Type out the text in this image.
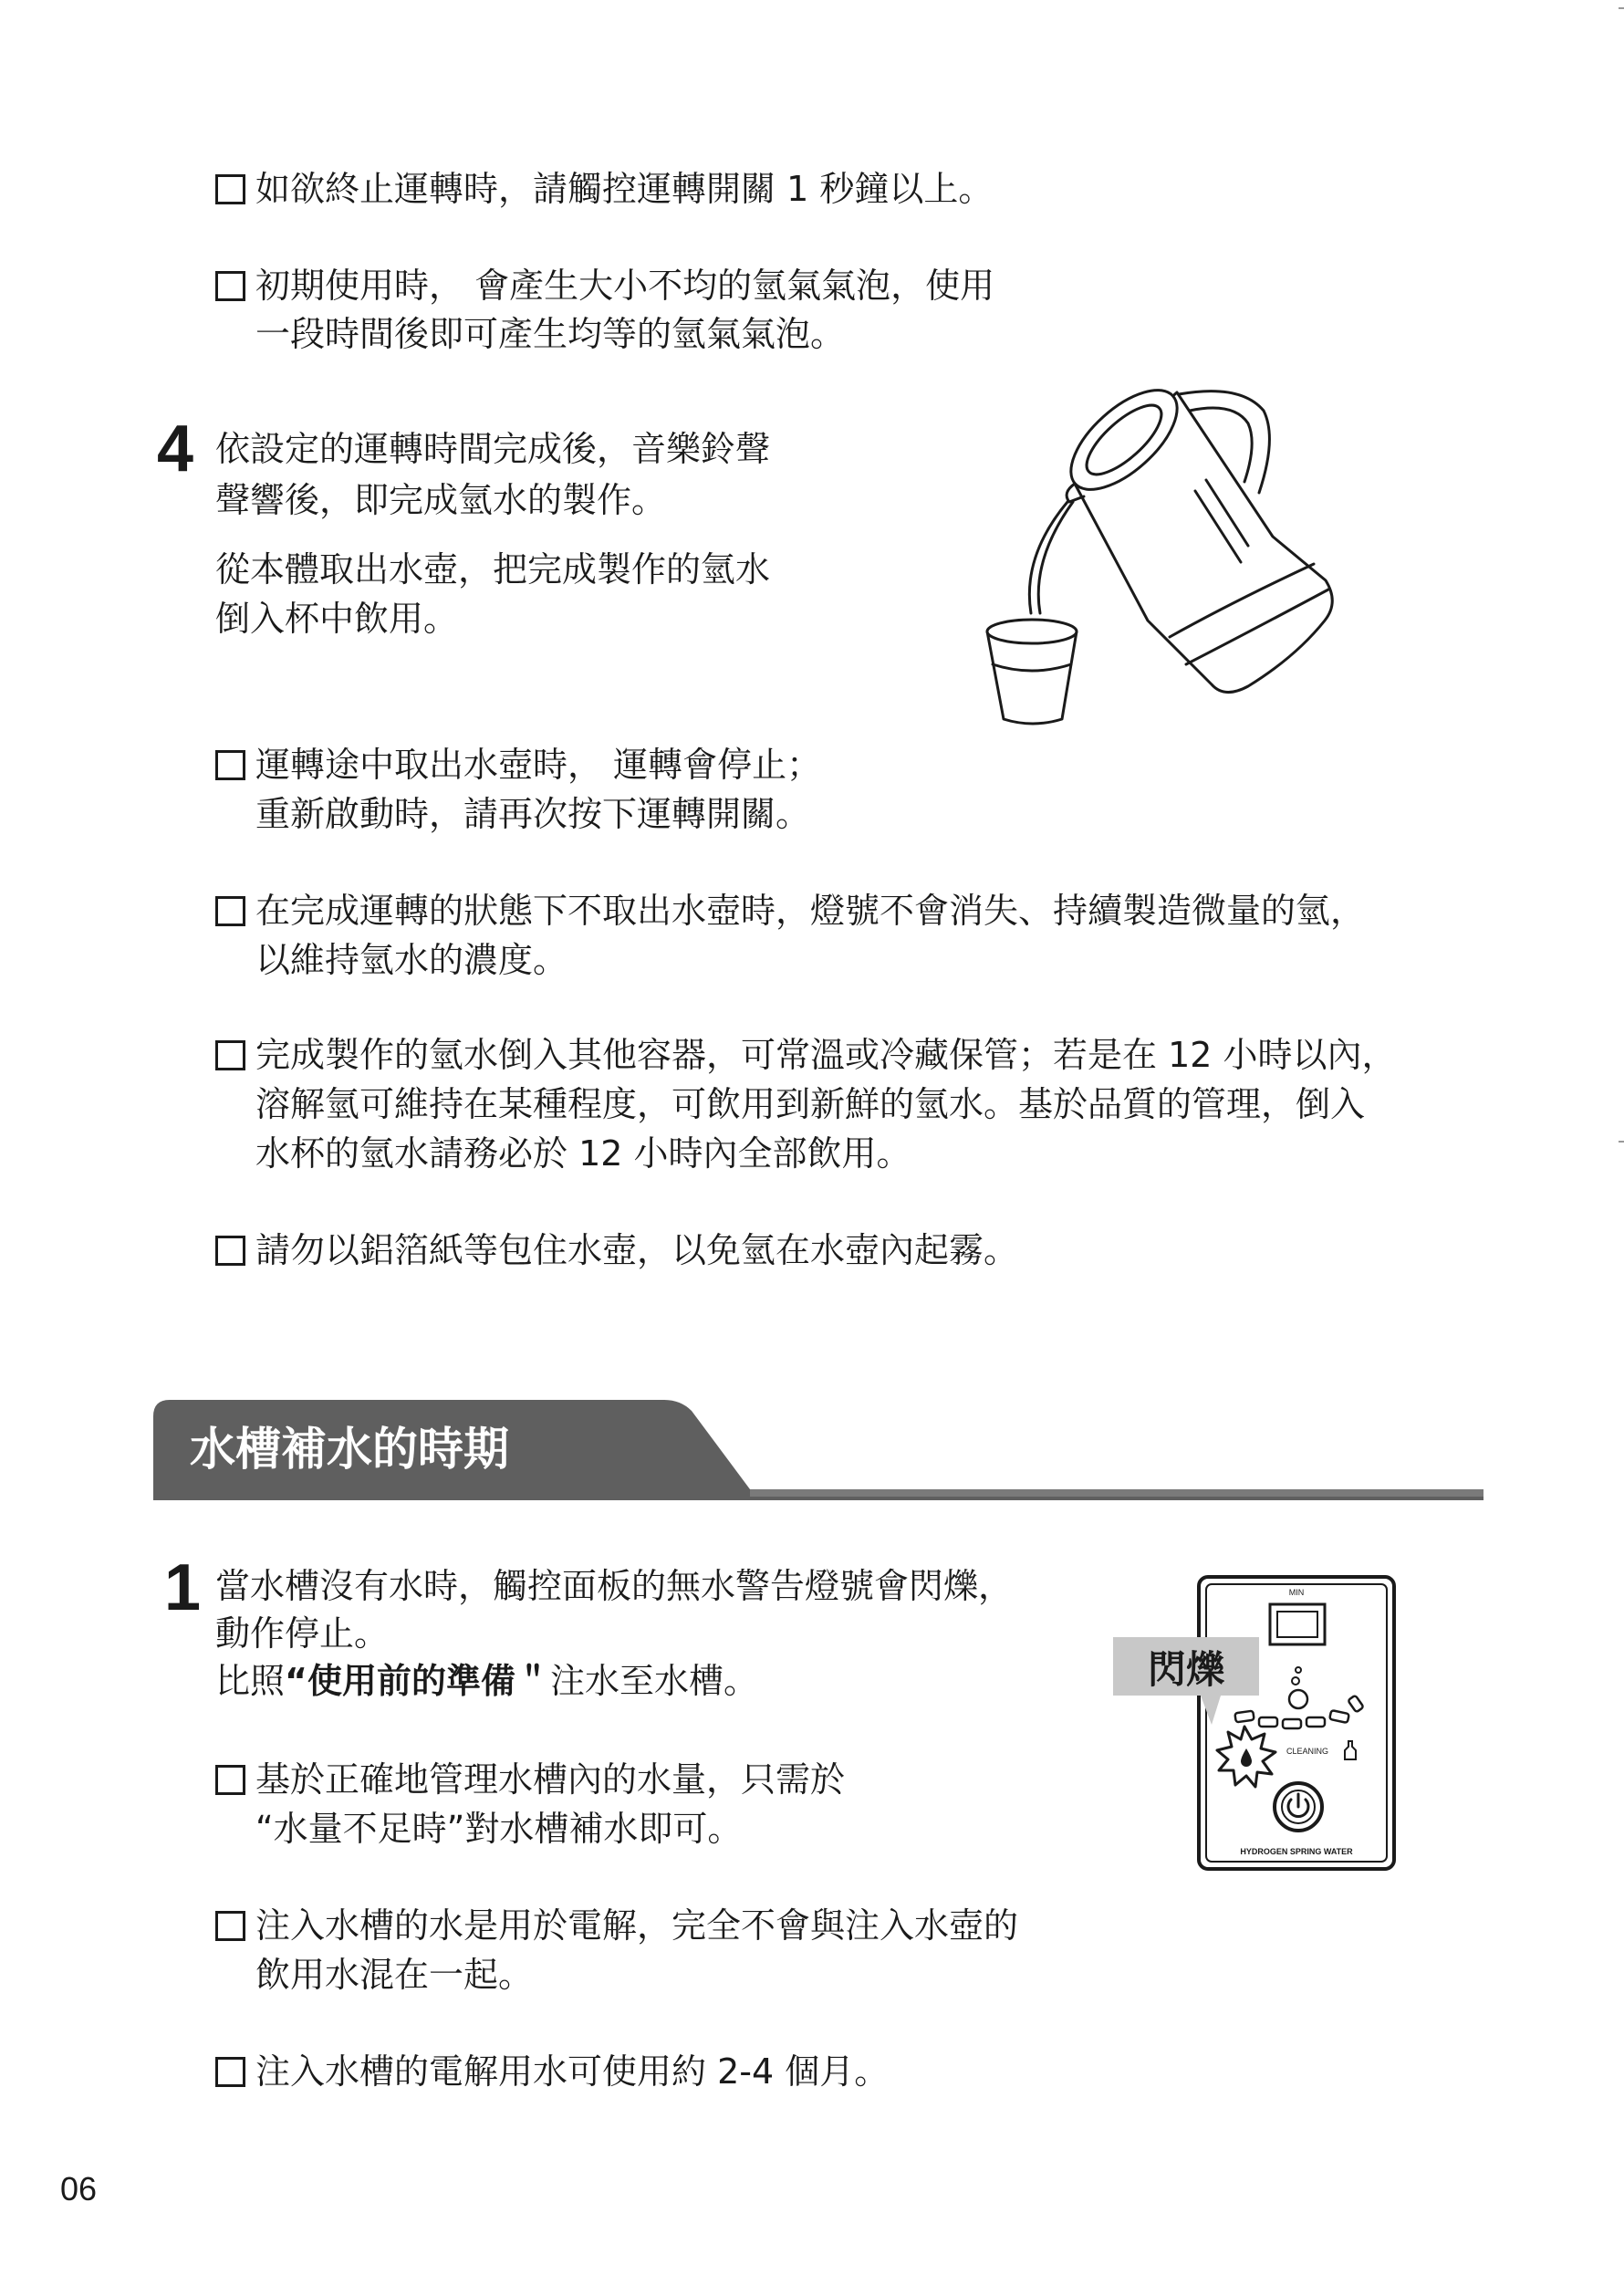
如欲終止運轉時，請觸控運轉開關 1 秒鐘以上。
初期使用時， 會產生大小不均的氫氣氣泡，使用
一段時間後即可產生均等的氫氣氣泡。
4 依設定的運轉時間完成後，音樂鈴聲
聲響後，即完成氫水的製作。
從本體取出水壺，把完成製作的氫水
倒入杯中飲用。
運轉途中取出水壺時， 運轉會停止；
重新啟動時，請再次按下運轉開關。
在完成運轉的狀態下不取出水壺時，燈號不會消失、持續製造微量的氫，
以維持氫水的濃度。
完成製作的氫水倒入其他容器，可常溫或冷藏保管；若是在 12 小時以內，
溶解氫可維持在某種程度，可飲用到新鮮的氫水。基於品質的管理，倒入
水杯的氫水請務必於 12 小時內全部飲用。
請勿以鋁箔紙等包住水壺，以免氫在水壺內起霧。
水槽補水的時期
1 當水槽沒有水時，觸控面板的無水警告燈號會閃爍，
動作停止。
比照“使用前的準備＂注水至水槽。
MIN
CLEANING
HYDROGEN SPRING WATER
閃爍
基於正確地管理水槽內的水量，只需於
“水量不足時”對水槽補水即可。
注入水槽的水是用於電解，完全不會與注入水壺的
飲用水混在一起。
注入水槽的電解用水可使用約 2-4 個月。
06
